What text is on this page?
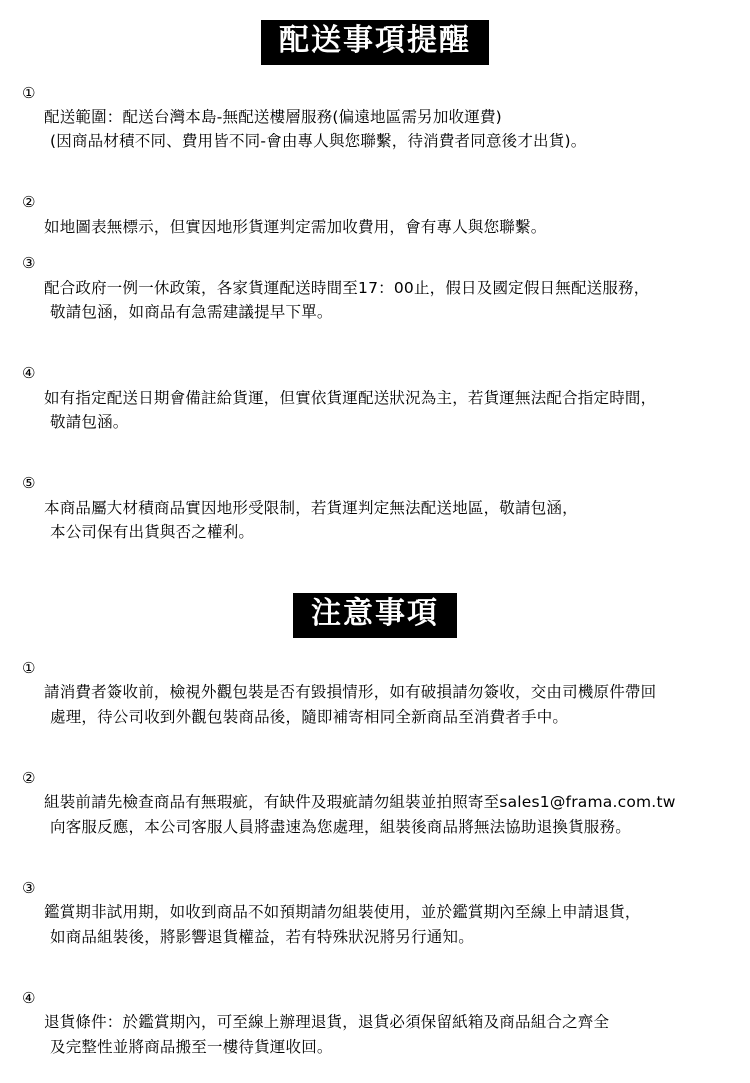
配送事項提醒
①

配送範圍：配送台灣本島-無配送樓層服務(偏遠地區需另加收運費)

(因商品材積不同、費用皆不同-會由專人與您聯繫，待消費者同意後才出貨)。

②

如地圖表無標示，但實因地形貨運判定需加收費用，會有專人與您聯繫。

③

配合政府一例一休政策，各家貨運配送時間至17：00止，假日及國定假日無配送服務，

敬請包涵，如商品有急需建議提早下單。

④

如有指定配送日期會備註給貨運，但實依貨運配送狀況為主，若貨運無法配合指定時間，

敬請包涵。

⑤

本商品屬大材積商品實因地形受限制，若貨運判定無法配送地區，敬請包涵，

本公司保有出貨與否之權利。

注意事項
①

請消費者簽收前，檢視外觀包裝是否有毀損情形，如有破損請勿簽收，交由司機原件帶回

處理，待公司收到外觀包裝商品後，隨即補寄相同全新商品至消費者手中。

②

組裝前請先檢查商品有無瑕疵，有缺件及瑕疵請勿組裝並拍照寄至sales1@frama.com.tw

向客服反應，本公司客服人員將盡速為您處理，組裝後商品將無法協助退換貨服務。

③

鑑賞期非試用期，如收到商品不如預期請勿組裝使用，並於鑑賞期內至線上申請退貨，

如商品組裝後，將影響退貨權益，若有特殊狀況將另行通知。

④

退貨條件：於鑑賞期內，可至線上辦理退貨，退貨必須保留紙箱及商品組合之齊全

及完整性並將商品搬至一樓待貨運收回。
